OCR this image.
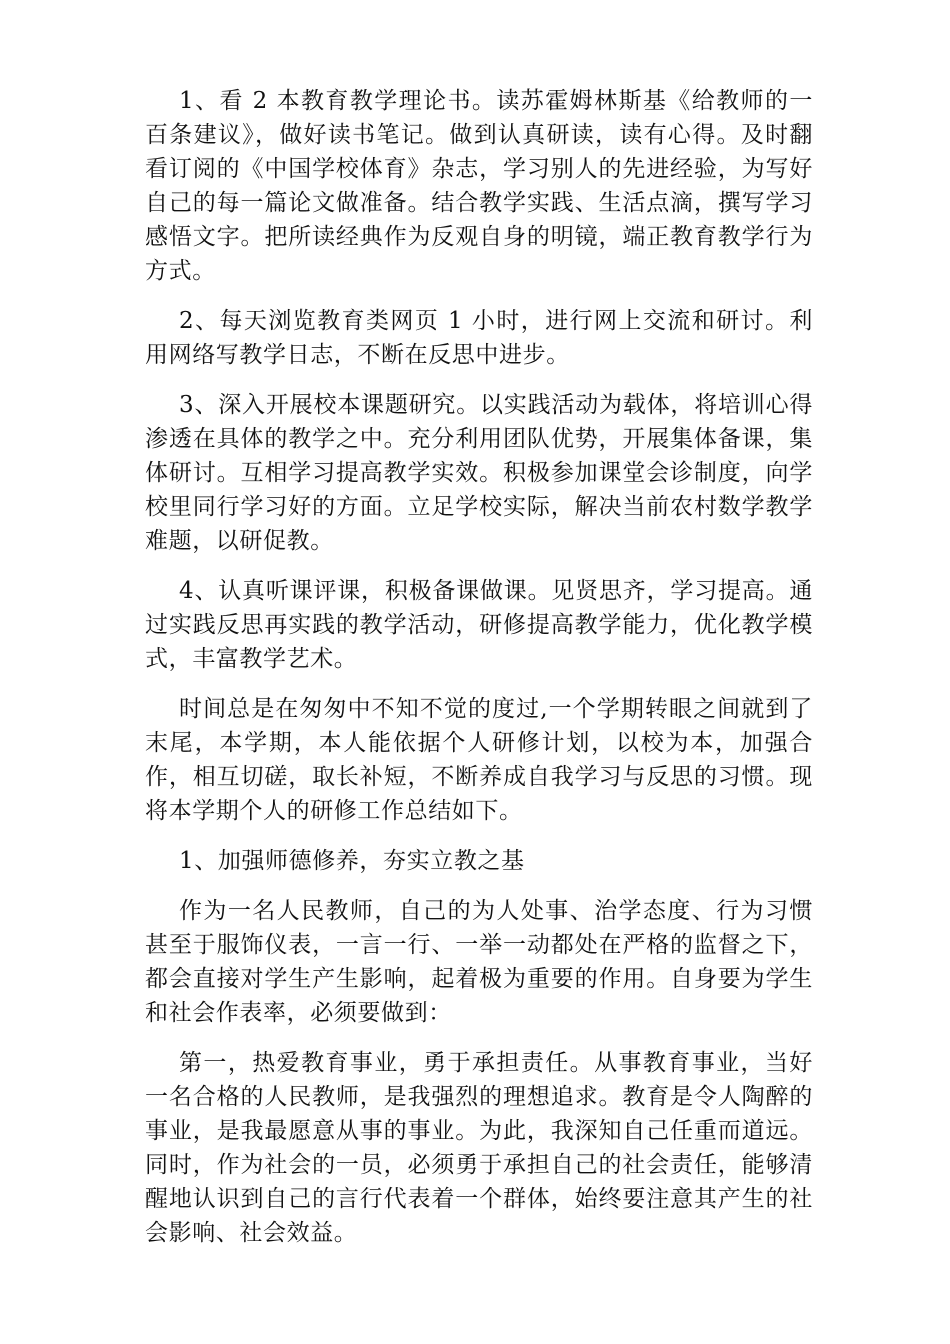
1、看 2 本教育教学理论书。读苏霍姆林斯基《给教师的一百条建议》，做好读书笔记。做到认真研读，读有心得。及时翻看订阅的《中国学校体育》杂志，学习别人的先进经验，为写好自己的每一篇论文做准备。结合教学实践、生活点滴，撰写学习感悟文字。把所读经典作为反观自身的明镜，端正教育教学行为方式。

2、每天浏览教育类网页 1 小时，进行网上交流和研讨。利用网络写教学日志，不断在反思中进步。

3、深入开展校本课题研究。以实践活动为载体，将培训心得渗透在具体的教学之中。充分利用团队优势，开展集体备课，集体研讨。互相学习提高教学实效。积极参加课堂会诊制度，向学校里同行学习好的方面。立足学校实际，解决当前农村数学教学难题，以研促教。

4、认真听课评课，积极备课做课。见贤思齐，学习提高。通过实践反思再实践的教学活动，研修提高教学能力，优化教学模式，丰富教学艺术。

时间总是在匆匆中不知不觉的度过,一个学期转眼之间就到了末尾，本学期，本人能依据个人研修计划，以校为本，加强合作，相互切磋，取长补短，不断养成自我学习与反思的习惯。现将本学期个人的研修工作总结如下。

1、加强师德修养，夯实立教之基

作为一名人民教师，自己的为人处事、治学态度、行为习惯甚至于服饰仪表，一言一行、一举一动都处在严格的监督之下，都会直接对学生产生影响，起着极为重要的作用。自身要为学生和社会作表率，必须要做到：

第一，热爱教育事业，勇于承担责任。从事教育事业，当好一名合格的人民教师，是我强烈的理想追求。教育是令人陶醉的事业，是我最愿意从事的事业。为此，我深知自己任重而道远。同时，作为社会的一员，必须勇于承担自己的社会责任，能够清醒地认识到自己的言行代表着一个群体，始终要注意其产生的社会影响、社会效益。
